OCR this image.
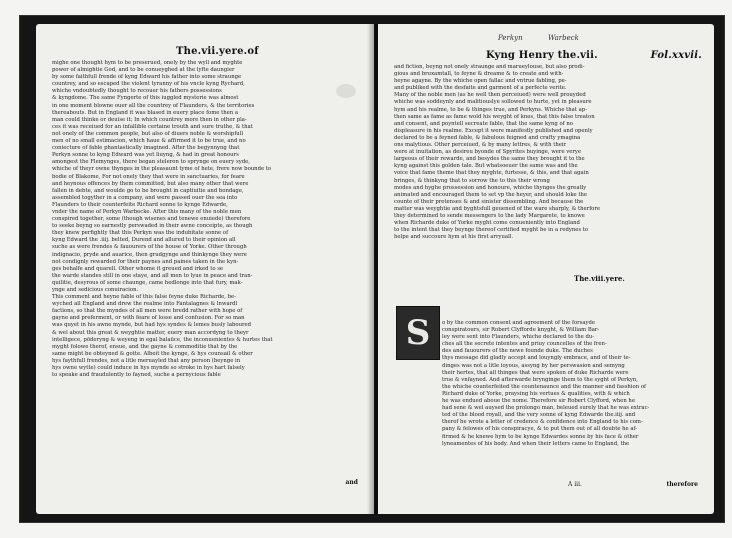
The.vii.yere.of
mighe one thought hym to be preserued, onely by the wyll and myghte
power of almightie God, and to be conueyghed at the lyfte daungier
by some faithfull frende of kyng Edward his father into some straunge
countrey, and so escaped the violent tyranny of his vncle kyng Rychard,
whiche vndoubtedly thought to recouer his fathers possessions
& kyngdome. The same Fyngerte of this iuggled mysterie was almost
in one moment blowne ouer all the countrey of Flaunders, & the territories
thereabouts. But in England it was blased in euery place fome then a
man could thinke or deuise it; In which countrey more then in other pla-
ces it was receiued for an infallible certaine trouth and sure truthe, & that
not onely of the common people, but also of diuers noble & worshipfull
men of no small estimacion, which haue & affirmed it to be true, and no
coniecture of fable phantastically imagined. After the begynnyng that
Perkyn sonne to kyng Edward was yet liuyng, & had in great honours
amongest the Flemynges, there began steleron to sprynge on euery syde,
whiche of theyr owne thynges in the pleasaunt tyme of hete, frere now bounde to
bodie of Blakome, For not onely they that were in sanctuaries, for feare
and heynous offences by them committed, but also many other that were
fallen in debte, and woulde go to be brought in captiuitie and bondage,
assembled togyther in a company, and were passed ouer the sea into
Flaunders to their counterfeite Richard sonne to kynge Edwarde,
vnder the name of Perkyn Warbecke. After this many of the noble men
conspired together, some (though wisenes and tenewe enuiede) therefore
to seeke beyng so earnestly perswaded in their awne conceipte, as though
they knew perfightly that this Perkyn was the indubitate sonne of
kyng Edward the .iiij. belted, Durend and allured to their opinion all
suche as were frendes & fauourers of the house of Yorke. Other through
indignacio, pryde and auarice, then grudgynge and thinkynge they were
not condignly rewarded for their paynes and paines taken in the kyn-
ges behalfe and quarell. Other whome it greued and irked to se
the warde standes still in one staye, and all men to lyue in peace and tran-
quilitie, desyrous of some chaunge, came hedlonge into that fury, mak-
ynge and sedicious conuiracion.
This comment and heyne fable of this false feyne duke Richarde, be-
wyched all England and drew the realme into Fantalagnes & lnwardl
factions, so that the myndes of all men were bredd rather with hope of
gayne and preferment, or with feare of losse and confusion. For so man
was quyet in his awne mynde, but had hys syndes & lemes busly laboured
& wel about this great & weyghtie matter, euery man accordyng to theyr
intelligece, pōderyng & weyeng in egal balaūce, the inconuenientes & hurtes that
myght folowe therof, ensue, and the gayne & commoditie that by the
same might be obteyned & gotte. Albeit the kynge, & hys counsail & other
hys faythfull frendes, not a litle meruayled that any person (beynge in
hys owne wytte) could induce in hys mynde so stroke in hys hart falsely
to speake and fraudulently to fayned, suche a pernycious fable
and
Perkyn	Warbeck
Kyng Henry the.vii.	Fol.xxvii.
and fiction, beyng not onely straunge and marueylouse, but also prodi-
gious and bruxamtall, to feyne & dreame & to create and with-
heyne agayne. By the whiche open fallac and vntrue fabling, pe-
and publiked with the desfaite and garment of a perfecte verite.
Many of the noble men (as he well then perceiued) were well prouyded
whiche was soddeynly and malitiouslye sollowed to hurte, yet in pleasure
hym and his realme, to be & thinges true, and Perkyns. Whiche that ap-
then same as fame as fame wold his weyght of knes, that this false treaton
and consent, and poyntell secreate fable, that the same kyng of no
displeasure in his realme. Except it were manifestly published and openly
declared to be a feyned fable, & fabulous feigned and crafty ymagina
ons malytious. Other perceiued, & by many lettres, & with their
were at inuitation, as desireu byonde of Spyrites buyinge, were verye
largeous of their rewarde, and besydes the same they brought it to the
kyng against this golden tale. But whatsoeuer the same was and the
voice that fame theme that they myghte, furtesse, & this, and that again
bringes, & thinkyng that to sorrow the to this their wrong
modes and hyghe prossession and honoure, whiche thynges the greatly
animated and encouraged them to set vp the heyer, and should loke the
counte of their pretenses & and sinister dissembling. And because the
matter was weyghtie and byghtsfull geuened of the ware sharply, & therfore
they determined to sende messengers to the lady Margarete, to knowe
when Richarde duke of Yorke myght come conueniently into England
to the intent that they beynge thereof certified myght be in a redynes to
helpe and succoure hym at his first arryuall.
The.viii.yere.
S	o by the common consent and agreement of the forsayde
conspiratours, sir Robert Clyfforde knyght, & William Bar-
ley were sent into Flaunders, whiche declared to the du-
ches all the secrete intentes and priuy councelles of the fren-
des and fauourers of the newe founde duke. The duches
thys message did gladly accept and louyngly embrace, and of their te-
dinges was not a litle ioyous, assyng by her perswasion and semyng
their hertes, that all thinges that were spoken of duke Richarde were
true & vnfayned. And afterwarde brynginge them to the syght of Perkyn,
the whiche counterfeited the countenaunce and the manner and fasshion of
Richard duke of Yorke, praysing his vertues & qualities, with & which
he was endued aboue the nome. Therefore sir Robert Clyfford, when he
had sene & wel auysed the prolongo man, beleued surely that he was extrac-
ted of the blood royall, and the very sonne of kyng Edwarde the.iiij. and
therof he wrote a letter of credence & confidence into England to his com-
pany & felowes of his conspiracye, & to put them out of all doubte he af-
firmed & he knewe hym to be kynge Edwardes sonne by his face & other
lyneamentes of his body. And when their letters came to England, the
A iii.	therefore
